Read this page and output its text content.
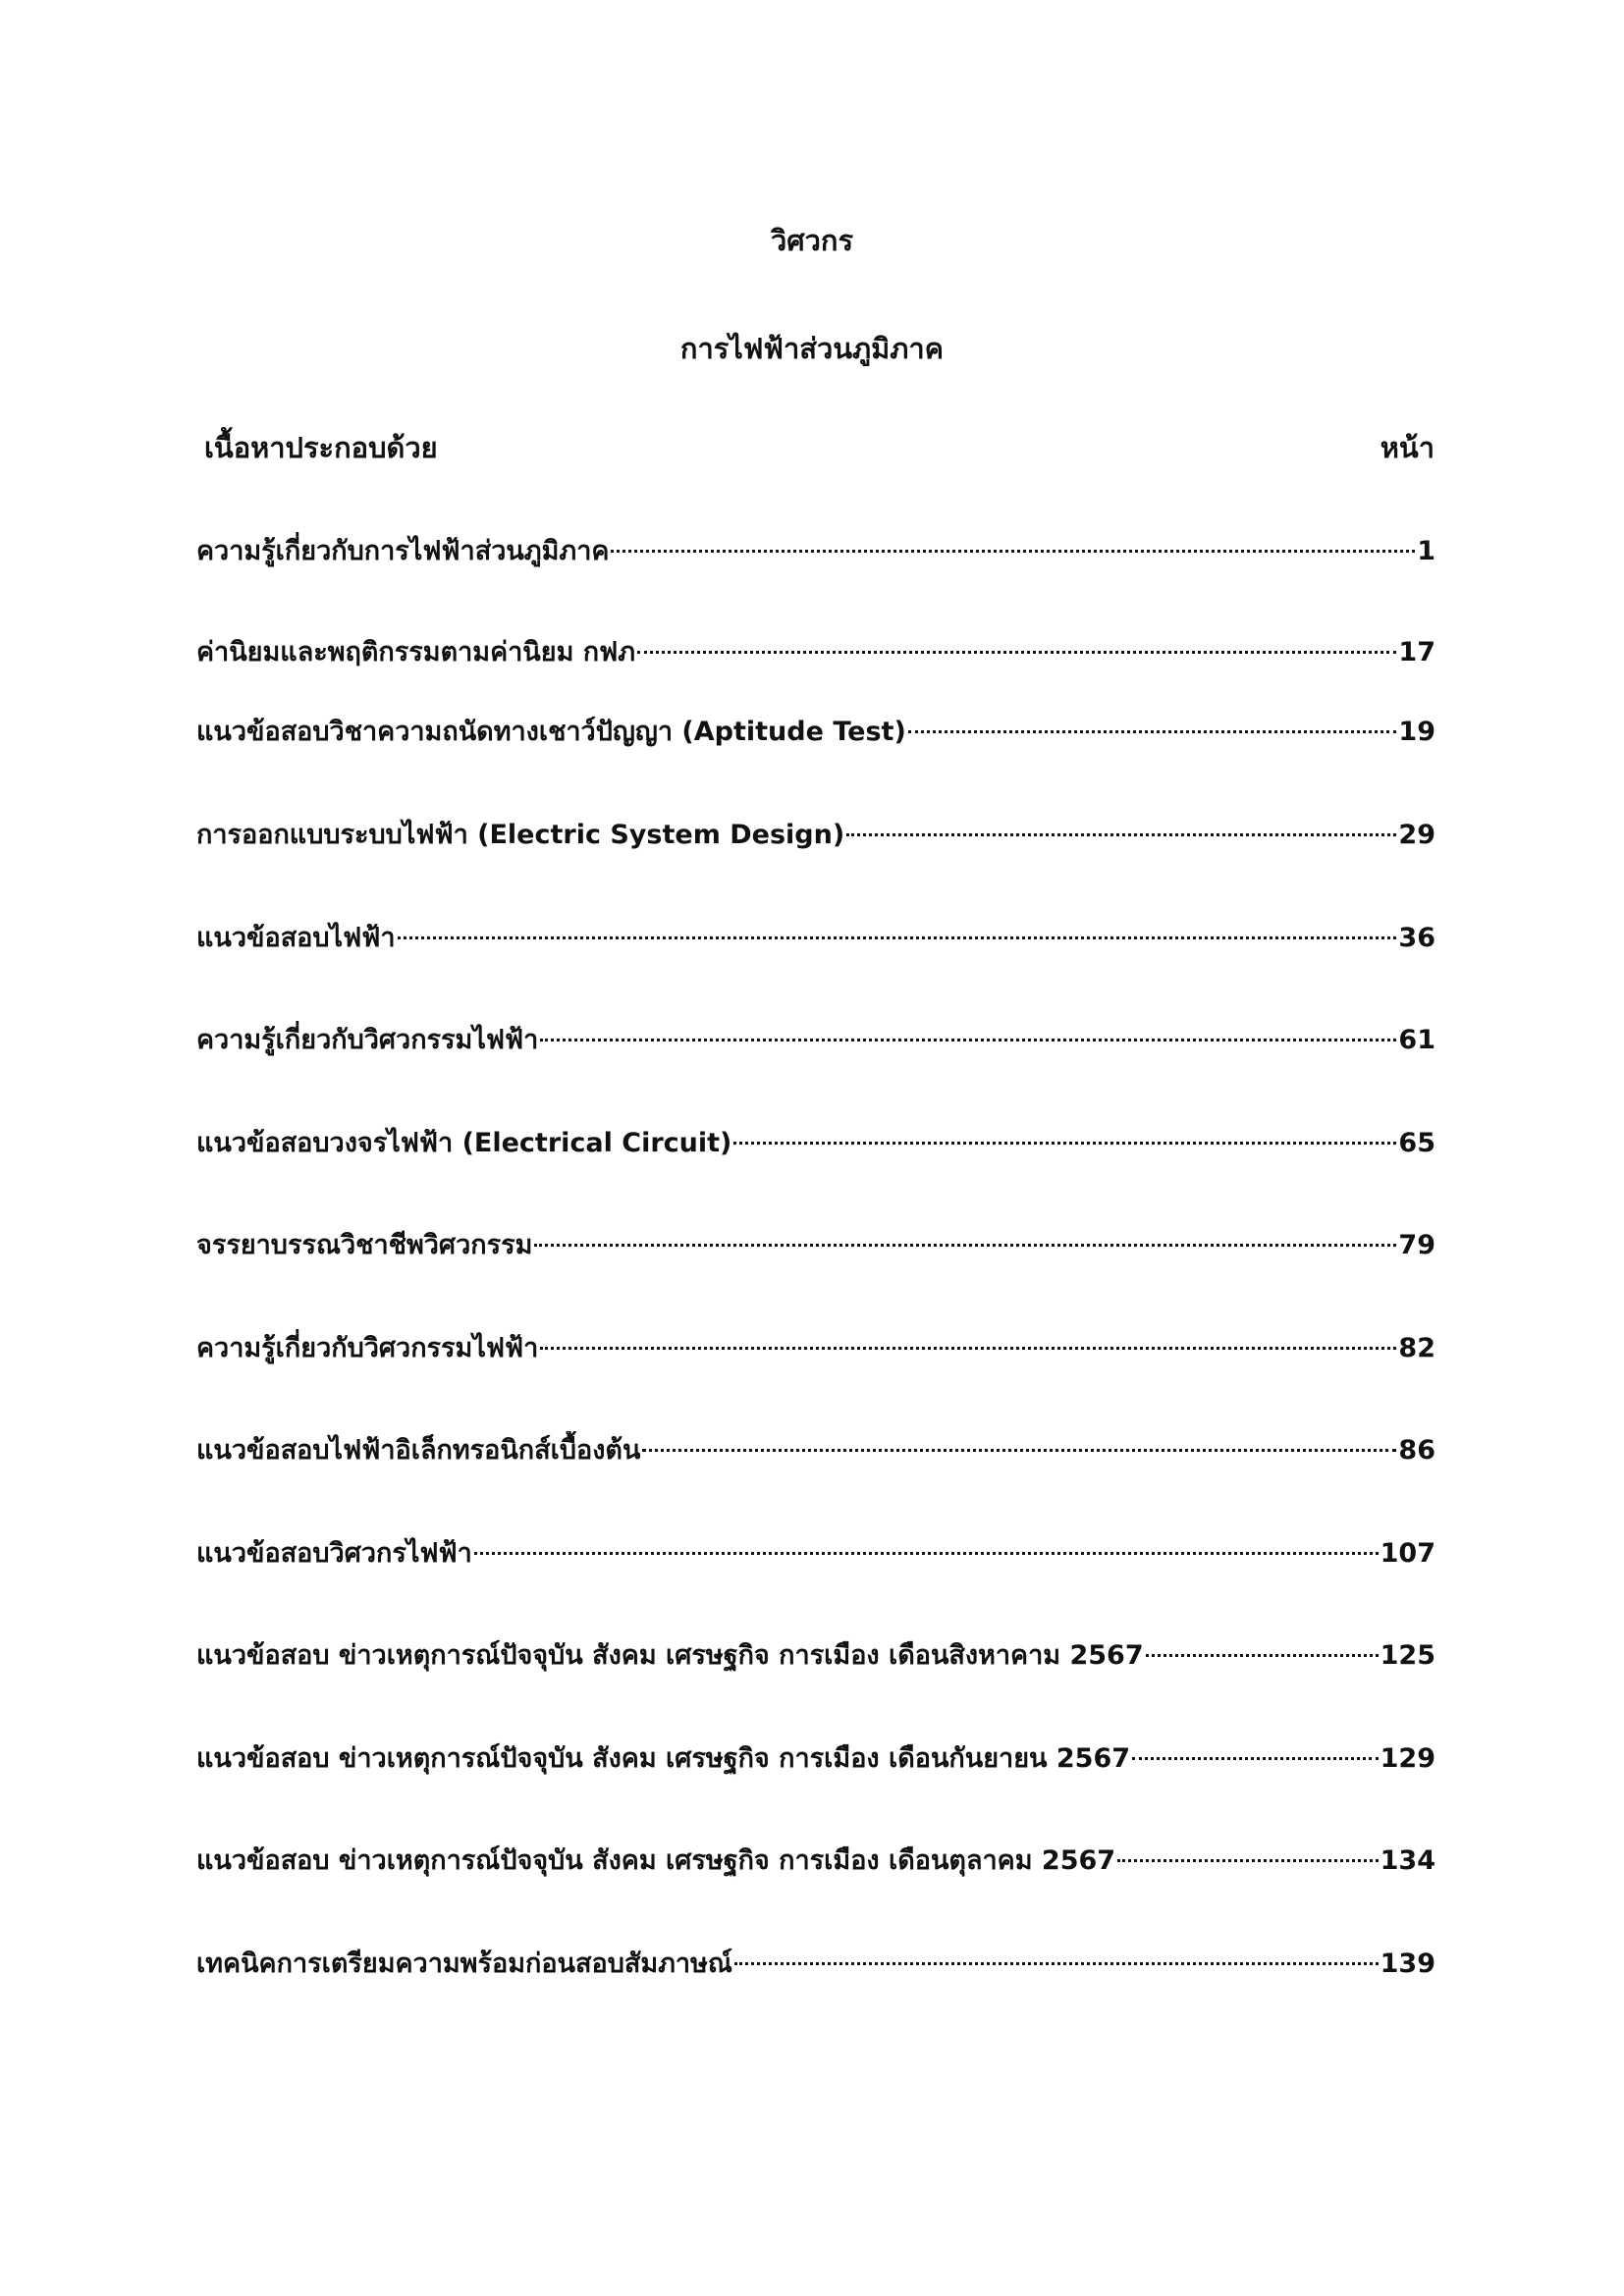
วิศวกร
การไฟฟ้าส่วนภูมิภาค
เนื้อหาประกอบด้วย	หน้า
ความรู้เกี่ยวกับการไฟฟ้าส่วนภูมิภาค	1
ค่านิยมและพฤติกรรมตามค่านิยม กฟภ	17
แนวข้อสอบวิชาความถนัดทางเชาว์ปัญญา (Aptitude Test)	19
การออกแบบระบบไฟฟ้า (Electric System Design)	29
แนวข้อสอบไฟฟ้า	36
ความรู้เกี่ยวกับวิศวกรรมไฟฟ้า	61
แนวข้อสอบวงจรไฟฟ้า (Electrical Circuit)	65
จรรยาบรรณวิชาชีพวิศวกรรม	79
ความรู้เกี่ยวกับวิศวกรรมไฟฟ้า	82
แนวข้อสอบไฟฟ้าอิเล็กทรอนิกส์เบื้องต้น	86
แนวข้อสอบวิศวกรไฟฟ้า	107
แนวข้อสอบ ข่าวเหตุการณ์ปัจจุบัน สังคม เศรษฐกิจ การเมือง เดือนสิงหาคาม 2567	125
แนวข้อสอบ ข่าวเหตุการณ์ปัจจุบัน สังคม เศรษฐกิจ การเมือง เดือนกันยายน 2567	129
แนวข้อสอบ ข่าวเหตุการณ์ปัจจุบัน สังคม เศรษฐกิจ การเมือง เดือนตุลาคม 2567	134
เทคนิคการเตรียมความพร้อมก่อนสอบสัมภาษณ์	139
